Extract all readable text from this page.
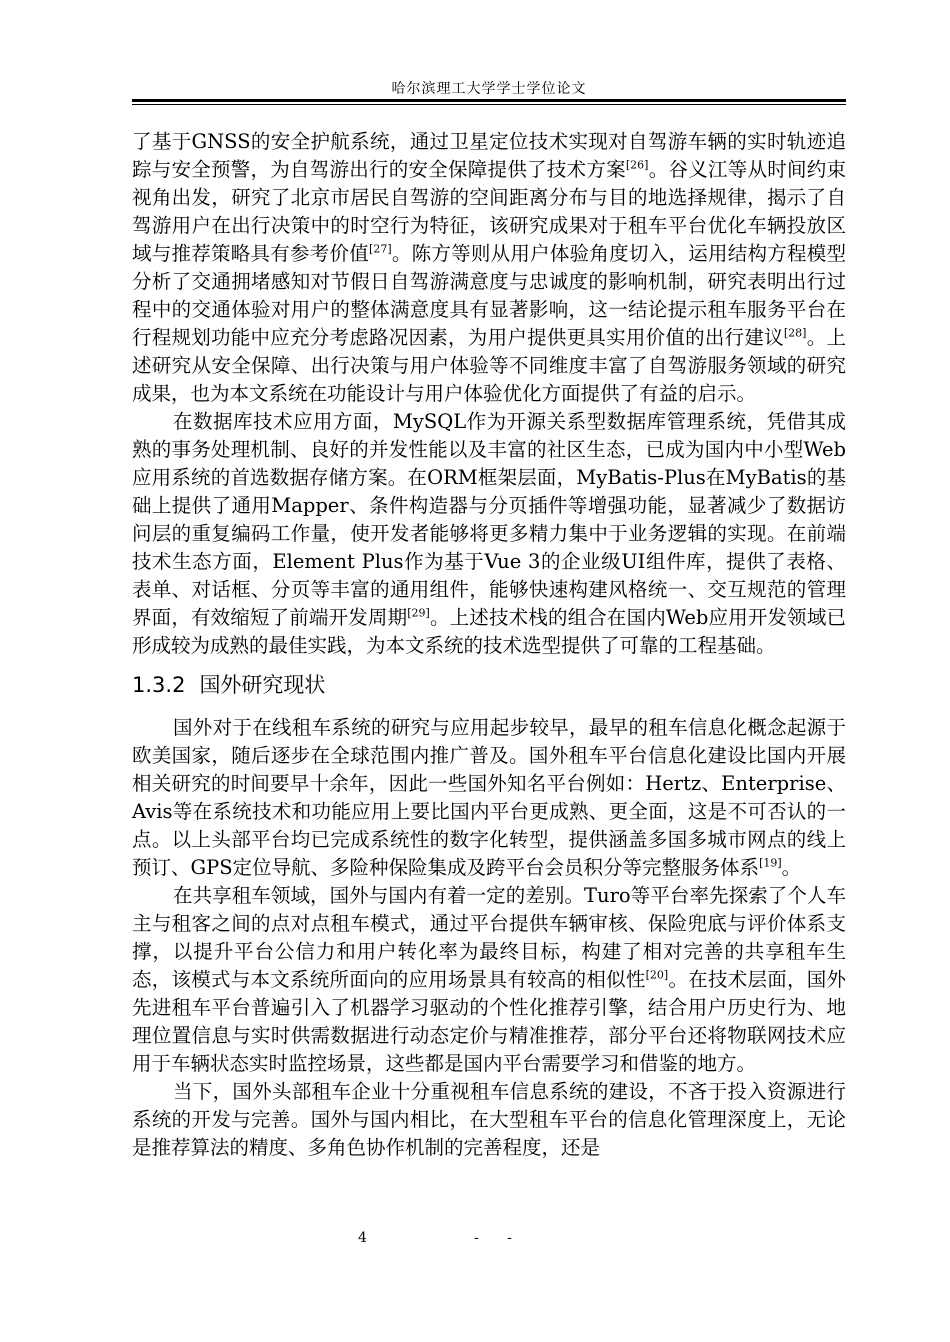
哈尔滨理工大学学士学位论文

了基于GNSS的安全护航系统，通过卫星定位技术实现对自驾游车辆的实时轨迹追踪与安全预警，为自驾游出行的安全保障提供了技术方案[26]。谷义江等从时间约束视角出发，研究了北京市居民自驾游的空间距离分布与目的地选择规律，揭示了自驾游用户在出行决策中的时空行为特征，该研究成果对于租车平台优化车辆投放区域与推荐策略具有参考价值[27]。陈方等则从用户体验角度切入，运用结构方程模型分析了交通拥堵感知对节假日自驾游满意度与忠诚度的影响机制，研究表明出行过程中的交通体验对用户的整体满意度具有显著影响，这一结论提示租车服务平台在行程规划功能中应充分考虑路况因素，为用户提供更具实用价值的出行建议[28]。上述研究从安全保障、出行决策与用户体验等不同维度丰富了自驾游服务领域的研究成果，也为本文系统在功能设计与用户体验优化方面提供了有益的启示。

在数据库技术应用方面，MySQL作为开源关系型数据库管理系统，凭借其成熟的事务处理机制、良好的并发性能以及丰富的社区生态，已成为国内中小型Web应用系统的首选数据存储方案。在ORM框架层面，MyBatis-Plus在MyBatis的基础上提供了通用Mapper、条件构造器与分页插件等增强功能，显著减少了数据访问层的重复编码工作量，使开发者能够将更多精力集中于业务逻辑的实现。在前端技术生态方面，Element Plus作为基于Vue 3的企业级UI组件库，提供了表格、表单、对话框、分页等丰富的通用组件，能够快速构建风格统一、交互规范的管理界面，有效缩短了前端开发周期[29]。上述技术栈的组合在国内Web应用开发领域已形成较为成熟的最佳实践，为本文系统的技术选型提供了可靠的工程基础。

1.3.2 国外研究现状

国外对于在线租车系统的研究与应用起步较早，最早的租车信息化概念起源于欧美国家，随后逐步在全球范围内推广普及。国外租车平台信息化建设比国内开展相关研究的时间要早十余年，因此一些国外知名平台例如：Hertz、Enterprise、Avis等在系统技术和功能应用上要比国内平台更成熟、更全面，这是不可否认的一点。以上头部平台均已完成系统性的数字化转型，提供涵盖多国多城市网点的线上预订、GPS定位导航、多险种保险集成及跨平台会员积分等完整服务体系[19]。

在共享租车领域，国外与国内有着一定的差别。Turo等平台率先探索了个人车主与租客之间的点对点租车模式，通过平台提供车辆审核、保险兜底与评价体系支撑，以提升平台公信力和用户转化率为最终目标，构建了相对完善的共享租车生态，该模式与本文系统所面向的应用场景具有较高的相似性[20]。在技术层面，国外先进租车平台普遍引入了机器学习驱动的个性化推荐引擎，结合用户历史行为、地理位置信息与实时供需数据进行动态定价与精准推荐，部分平台还将物联网技术应用于车辆状态实时监控场景，这些都是国内平台需要学习和借鉴的地方。

当下，国外头部租车企业十分重视租车信息系统的建设，不吝于投入资源进行系统的开发与完善。国外与国内相比，在大型租车平台的信息化管理深度上，无论是推荐算法的精度、多角色协作机制的完善程度，还是

4	- -
